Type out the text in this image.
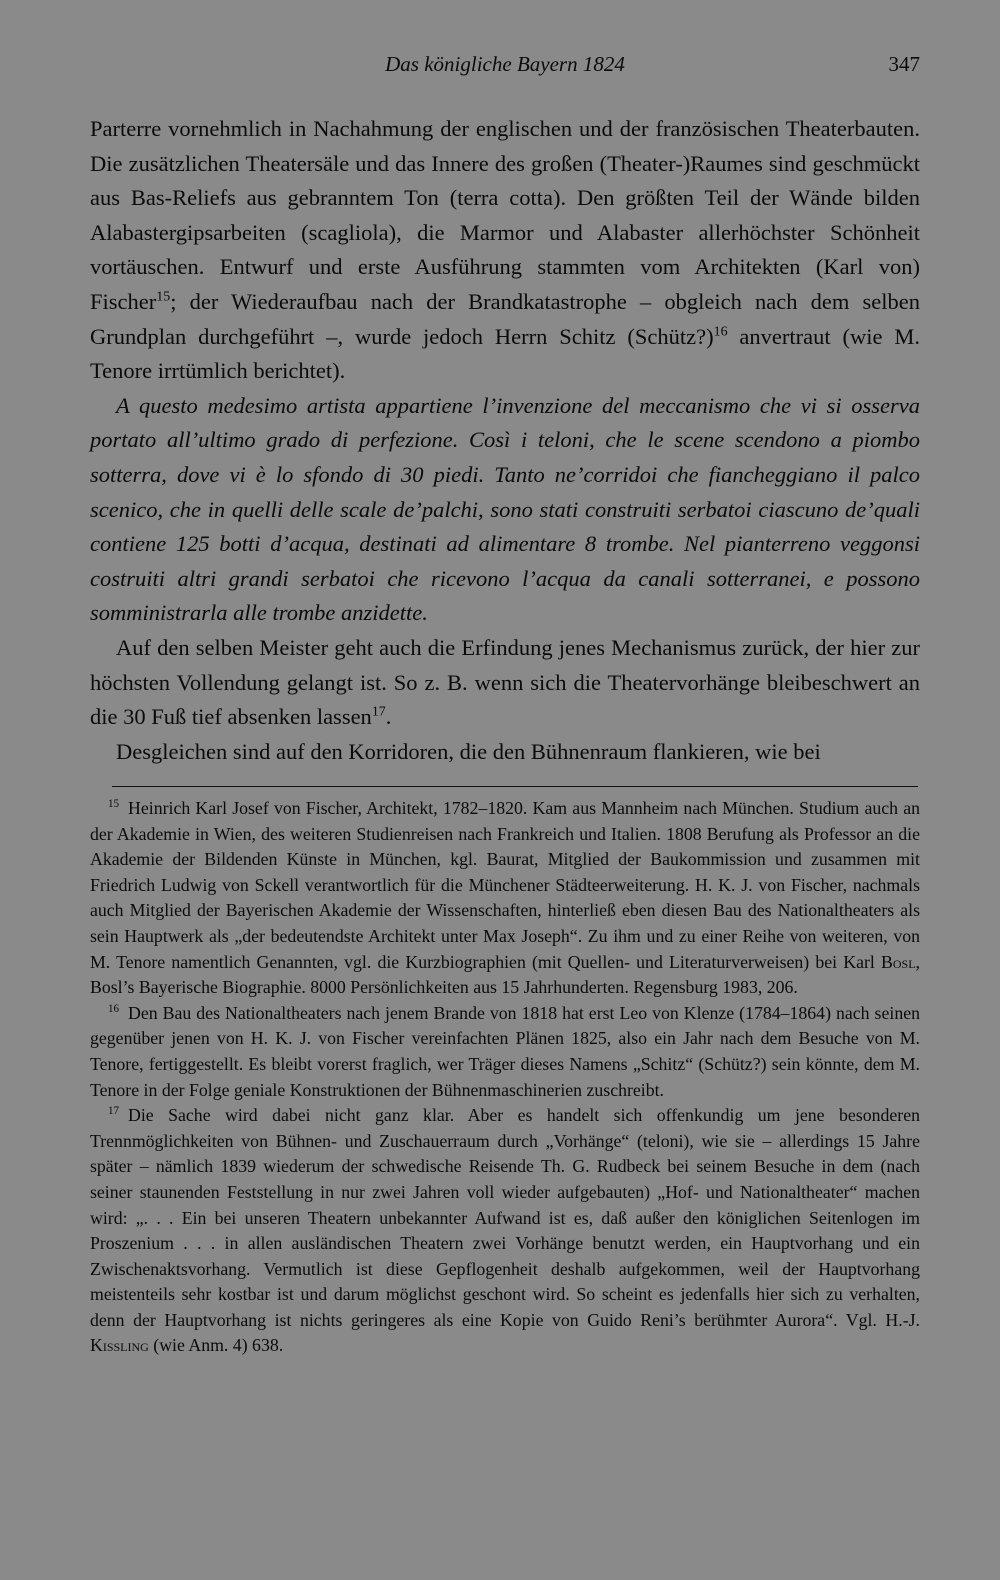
Das königliche Bayern 1824	347

Parterre vornehmlich in Nachahmung der englischen und der französischen Theaterbauten. Die zusätzlichen Theatersäle und das Innere des großen (Theater-)Raumes sind geschmückt aus Bas-Reliefs aus gebranntem Ton (terra cotta). Den größten Teil der Wände bilden Alabastergipsarbeiten (scagliola), die Marmor und Alabaster allerhöchster Schönheit vortäuschen. Entwurf und erste Ausführung stammten vom Architekten (Karl von) Fischer$^{15}$; der Wiederaufbau nach der Brandkatastrophe – obgleich nach dem selben Grundplan durchgeführt –, wurde jedoch Herrn Schitz (Schütz?)$^{16}$ anvertraut (wie M. Tenore irrtümlich berichtet).

A questo medesimo artista appartiene l’invenzione del meccanismo che vi si osserva portato all’ultimo grado di perfezione. Così i teloni, che le scene scendono a piombo sotterra, dove vi è lo sfondo di 30 piedi. Tanto ne’corridoi che fiancheggiano il palco scenico, che in quelli delle scale de’palchi, sono stati construiti serbatoi ciascuno de’quali contiene 125 botti d’acqua, destinati ad alimentare 8 trombe. Nel pianterreno veggonsi costruiti altri grandi serbatoi che ricevono l’acqua da canali sotterranei, e possono somministrarla alle trombe anzidette.

Auf den selben Meister geht auch die Erfindung jenes Mechanismus zurück, der hier zur höchsten Vollendung gelangt ist. So z. B. wenn sich die Theatervorhänge bleibeschwert an die 30 Fuß tief absenken lassen$^{17}$.

Desgleichen sind auf den Korridoren, die den Bühnenraum flankieren, wie bei

$^{15}$ Heinrich Karl Josef von Fischer, Architekt, 1782–1820. Kam aus Mannheim nach München. Studium auch an der Akademie in Wien, des weiteren Studienreisen nach Frankreich und Italien. 1808 Berufung als Professor an die Akademie der Bildenden Künste in München, kgl. Baurat, Mitglied der Baukommission und zusammen mit Friedrich Ludwig von Sckell verantwortlich für die Münchener Städteerweiterung. H. K. J. von Fischer, nachmals auch Mitglied der Bayerischen Akademie der Wissenschaften, hinterließ eben diesen Bau des Nationaltheaters als sein Hauptwerk als „der bedeutendste Architekt unter Max Joseph“. Zu ihm und zu einer Reihe von weiteren, von M. Tenore namentlich Genannten, vgl. die Kurzbiographien (mit Quellen- und Literaturverweisen) bei Karl Bosl, Bosl’s Bayerische Biographie. 8000 Persönlichkeiten aus 15 Jahrhunderten. Regensburg 1983, 206.

$^{16}$ Den Bau des Nationaltheaters nach jenem Brande von 1818 hat erst Leo von Klenze (1784–1864) nach seinen gegenüber jenen von H. K. J. von Fischer vereinfachten Plänen 1825, also ein Jahr nach dem Besuche von M. Tenore, fertiggestellt. Es bleibt vorerst fraglich, wer Träger dieses Namens „Schitz“ (Schütz?) sein könnte, dem M. Tenore in der Folge geniale Konstruktionen der Bühnenmaschinerien zuschreibt.

$^{17}$ Die Sache wird dabei nicht ganz klar. Aber es handelt sich offenkundig um jene besonderen Trennmöglichkeiten von Bühnen- und Zuschauerraum durch „Vorhänge“ (teloni), wie sie – allerdings 15 Jahre später – nämlich 1839 wiederum der schwedische Reisende Th. G. Rudbeck bei seinem Besuche in dem (nach seiner staunenden Feststellung in nur zwei Jahren voll wieder aufgebauten) „Hof- und Nationaltheater“ machen wird: „. . . Ein bei unseren Theatern unbekannter Aufwand ist es, daß außer den königlichen Seitenlogen im Proszenium . . . in allen ausländischen Theatern zwei Vorhänge benutzt werden, ein Hauptvorhang und ein Zwischenaktsvorhang. Vermutlich ist diese Gepflogenheit deshalb aufgekommen, weil der Hauptvorhang meistenteils sehr kostbar ist und darum möglichst geschont wird. So scheint es jedenfalls hier sich zu verhalten, denn der Hauptvorhang ist nichts geringeres als eine Kopie von Guido Reni’s berühmter Aurora“. Vgl. H.-J. Kissling (wie Anm. 4) 638.
